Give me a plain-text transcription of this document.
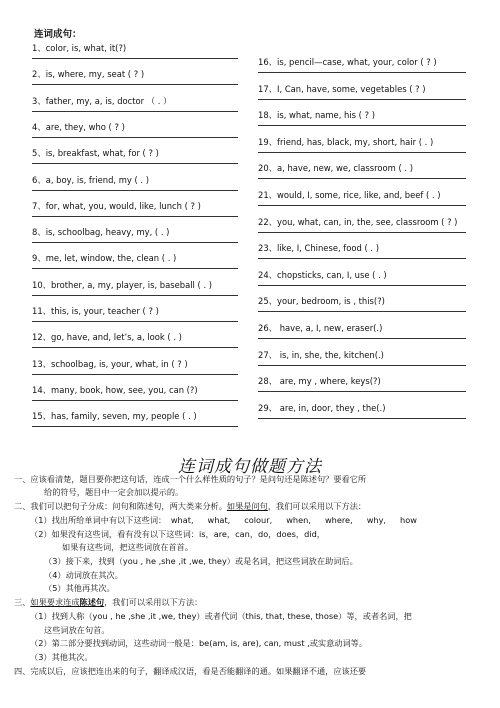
连词成句：
1、color, is, what, it(?)
2、is, where, my, seat ( ? )
3、father, my, a, is, doctor （ . ）
4、are, they, who ( ? )
5、is, breakfast, what, for ( ? )
6、a, boy, is, friend, my ( . )
7、for, what, you, would, like, lunch ( ? )
8、is, schoolbag, heavy, my, ( . )
9、me, let, window, the, clean ( . )
10、brother, a, my, player, is, baseball ( . )
11、this, is, your, teacher ( ? )
12、go, have, and, let’s, a, look ( . )
13、schoolbag, is, your, what, in ( ? )
14、many, book, how, see, you, can (?)
15、has, family, seven, my, people ( . )
16、is, pencil—case, what, your, color ( ? )
17、I, Can, have, some, vegetables ( ? )
18、is, what, name, his ( ? )
19、friend, has, black, my, short, hair ( . )
20、a, have, new, we, classroom ( . )
21、would, I, some, rice, like, and, beef ( . )
22、you, what, can, in, the, see, classroom ( ? )
23、like, I, Chinese, food ( . )
24、chopsticks, can, I, use ( . )
25、your, bedroom, is , this(?)
26、 have, a, I, new, eraser(.)
27、 is, in, she, the, kitchen(.)
28、 are, my , where, keys(?)
29、 are, in, door, they , the(.)
连词成句做题方法
一、应该看清楚，题目要你把这句话，连成一个什么样性质的句子？是问句还是陈述句？要看它所
给的符号，题目中一定会加以提示的。
二、我们可以把句子分成：问句和陈述句，两大类来分析。如果是问句，我们可以采用以下方法：
（1）找出所给单词中有以下这些词： what, what, colour, when, where, why, how
（2）如果没有这些词，看有没有以下这些词：is，are，can，do，does，did，
如果有这些词，把这些词放在首首。
（3）接下来，找到（you , he ,she ,it ,we, they）或是名词，把这些词放在助词后。
（4）动词放在其次。
（5）其他再其次。
三、如果要求连成陈述句，我们可以采用以下方法：
（1）找到人称（you , he ,she ,it ,we, they）或者代词（this, that, these, those）等，或者名词，把
这些词放在句首。
（2）第二部分要找到动词，这些动词一般是：be(am, is, are), can, must ,或实意动词等。
（3）其他其次。
四、完成以后，应该把连出来的句子，翻译成汉语，看是否能翻译的通。如果翻译不通，应该还要
